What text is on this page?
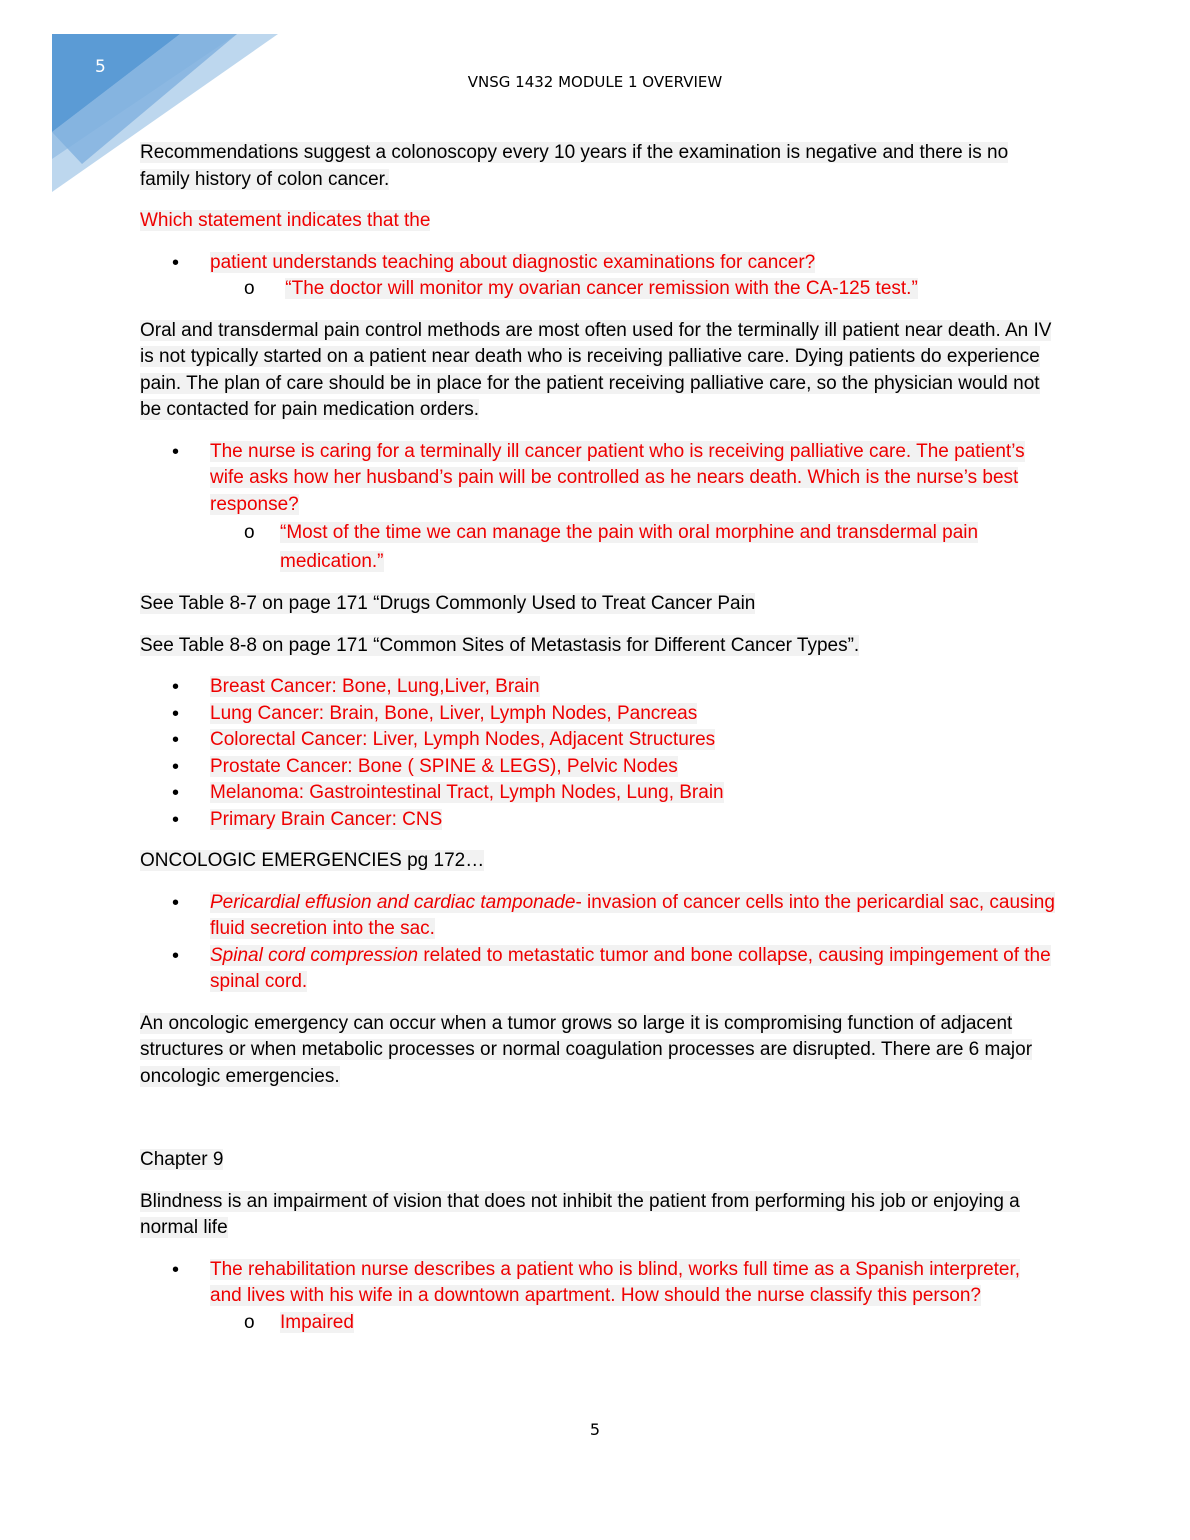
5
VNSG 1432 MODULE 1 OVERVIEW

Recommendations suggest a colonoscopy every 10 years if the examination is negative and there is no family history of colon cancer.

Which statement indicates that the

• patient understands teaching about diagnostic examinations for cancer?
o “The doctor will monitor my ovarian cancer remission with the CA-125 test.”

Oral and transdermal pain control methods are most often used for the terminally ill patient near death. An IV is not typically started on a patient near death who is receiving palliative care. Dying patients do experience pain. The plan of care should be in place for the patient receiving palliative care, so the physician would not be contacted for pain medication orders.

• The nurse is caring for a terminally ill cancer patient who is receiving palliative care. The patient’s wife asks how her husband’s pain will be controlled as he nears death. Which is the nurse’s best response?
o “Most of the time we can manage the pain with oral morphine and transdermal pain medication.”

See Table 8-7 on page 171 “Drugs Commonly Used to Treat Cancer Pain

See Table 8-8 on page 171 “Common Sites of Metastasis for Different Cancer Types”.

• Breast Cancer: Bone, Lung,Liver, Brain
• Lung Cancer: Brain, Bone, Liver, Lymph Nodes, Pancreas
• Colorectal Cancer: Liver, Lymph Nodes, Adjacent Structures
• Prostate Cancer: Bone ( SPINE & LEGS), Pelvic Nodes
• Melanoma: Gastrointestinal Tract, Lymph Nodes, Lung, Brain
• Primary Brain Cancer: CNS

ONCOLOGIC EMERGENCIES pg 172…

• Pericardial effusion and cardiac tamponade- invasion of cancer cells into the pericardial sac, causing fluid secretion into the sac.
• Spinal cord compression related to metastatic tumor and bone collapse, causing impingement of the spinal cord.

An oncologic emergency can occur when a tumor grows so large it is compromising function of adjacent structures or when metabolic processes or normal coagulation processes are disrupted. There are 6 major oncologic emergencies.

Chapter 9

Blindness is an impairment of vision that does not inhibit the patient from performing his job or enjoying a normal life

• The rehabilitation nurse describes a patient who is blind, works full time as a Spanish interpreter, and lives with his wife in a downtown apartment. How should the nurse classify this person?
o Impaired
5
